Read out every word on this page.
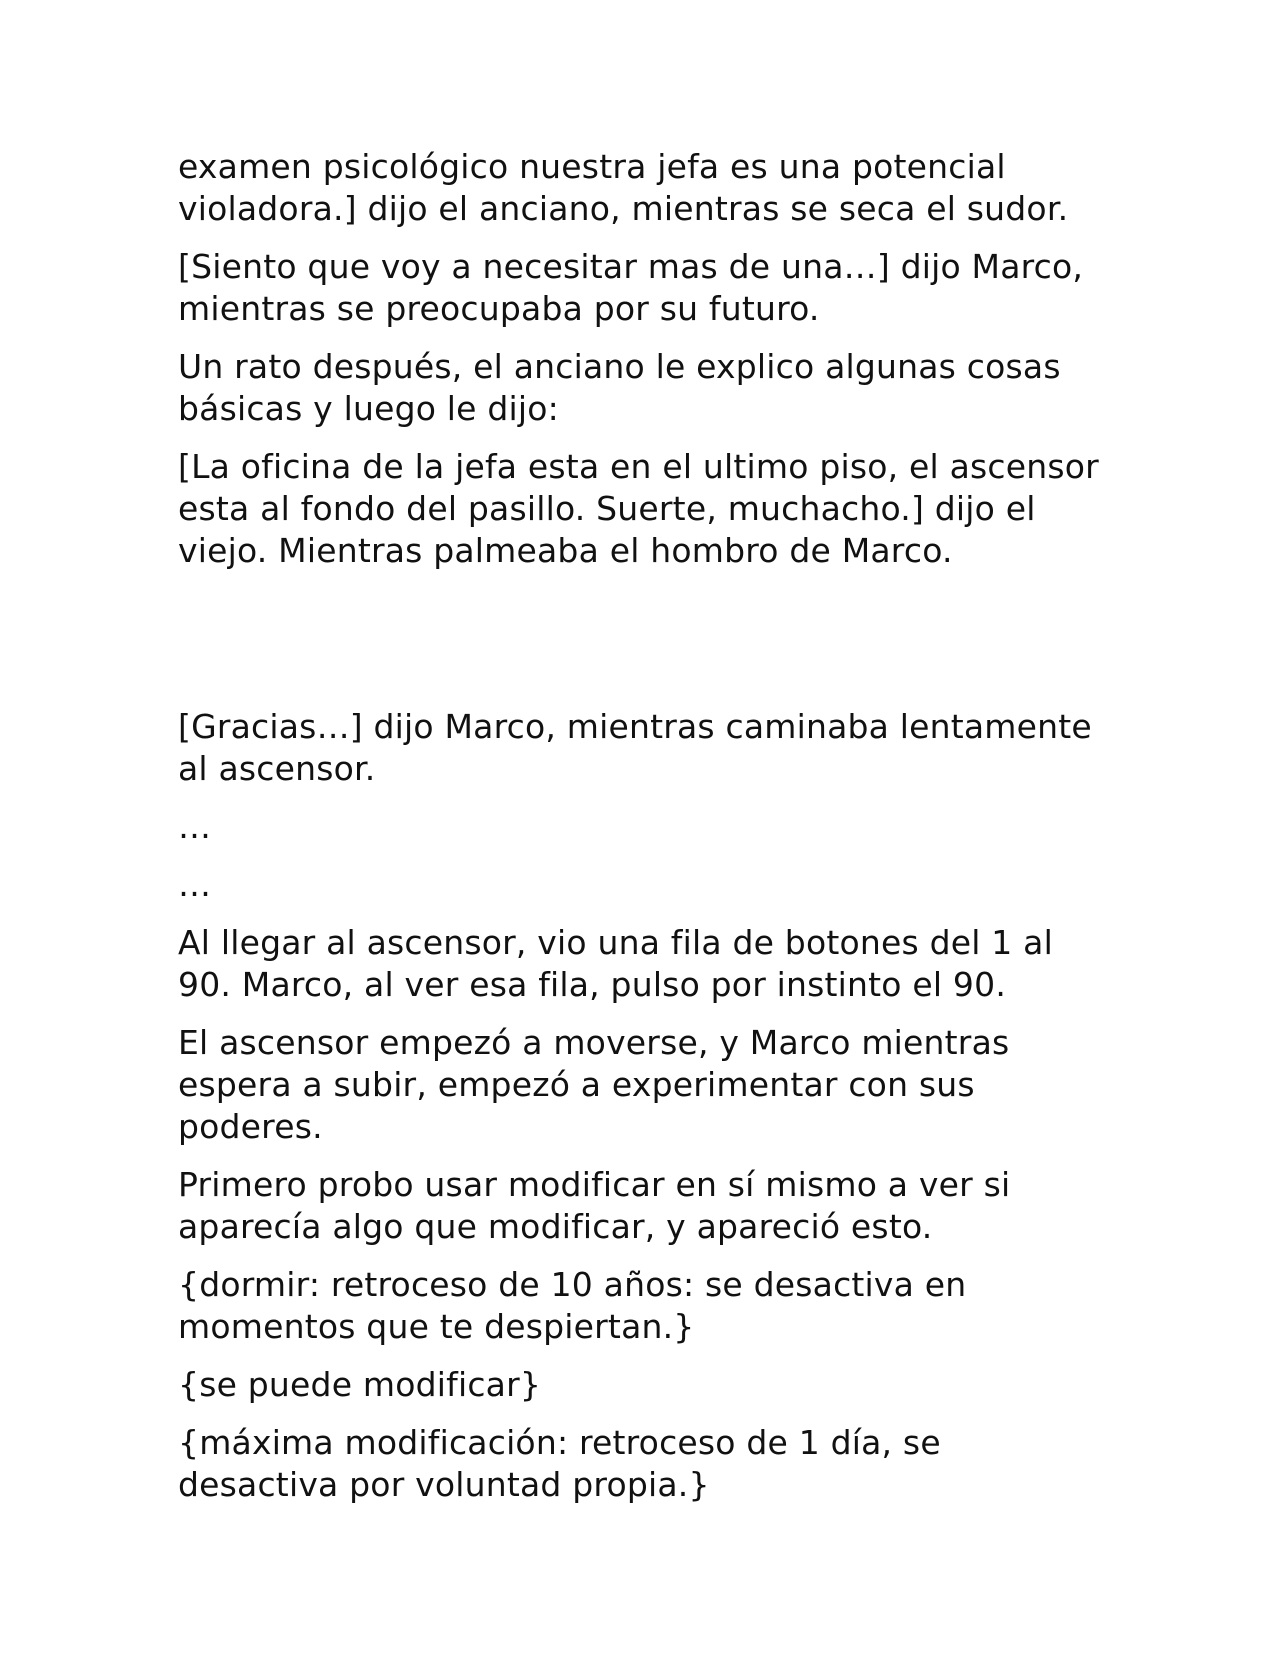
examen psicológico nuestra jefa es una potencial
violadora.] dijo el anciano, mientras se seca el sudor.

[Siento que voy a necesitar mas de una…] dijo Marco,
mientras se preocupaba por su futuro.

Un rato después, el anciano le explico algunas cosas
básicas y luego le dijo:

[La oficina de la jefa esta en el ultimo piso, el ascensor
esta al fondo del pasillo. Suerte, muchacho.] dijo el
viejo. Mientras palmeaba el hombro de Marco.

[Gracias…] dijo Marco, mientras caminaba lentamente
al ascensor.

…

…

Al llegar al ascensor, vio una fila de botones del 1 al
90. Marco, al ver esa fila, pulso por instinto el 90.

El ascensor empezó a moverse, y Marco mientras
espera a subir, empezó a experimentar con sus
poderes.

Primero probo usar modificar en sí mismo a ver si
aparecía algo que modificar, y apareció esto.

{dormir: retroceso de 10 años: se desactiva en
momentos que te despiertan.}

{se puede modificar}

{máxima modificación: retroceso de 1 día, se
desactiva por voluntad propia.}
